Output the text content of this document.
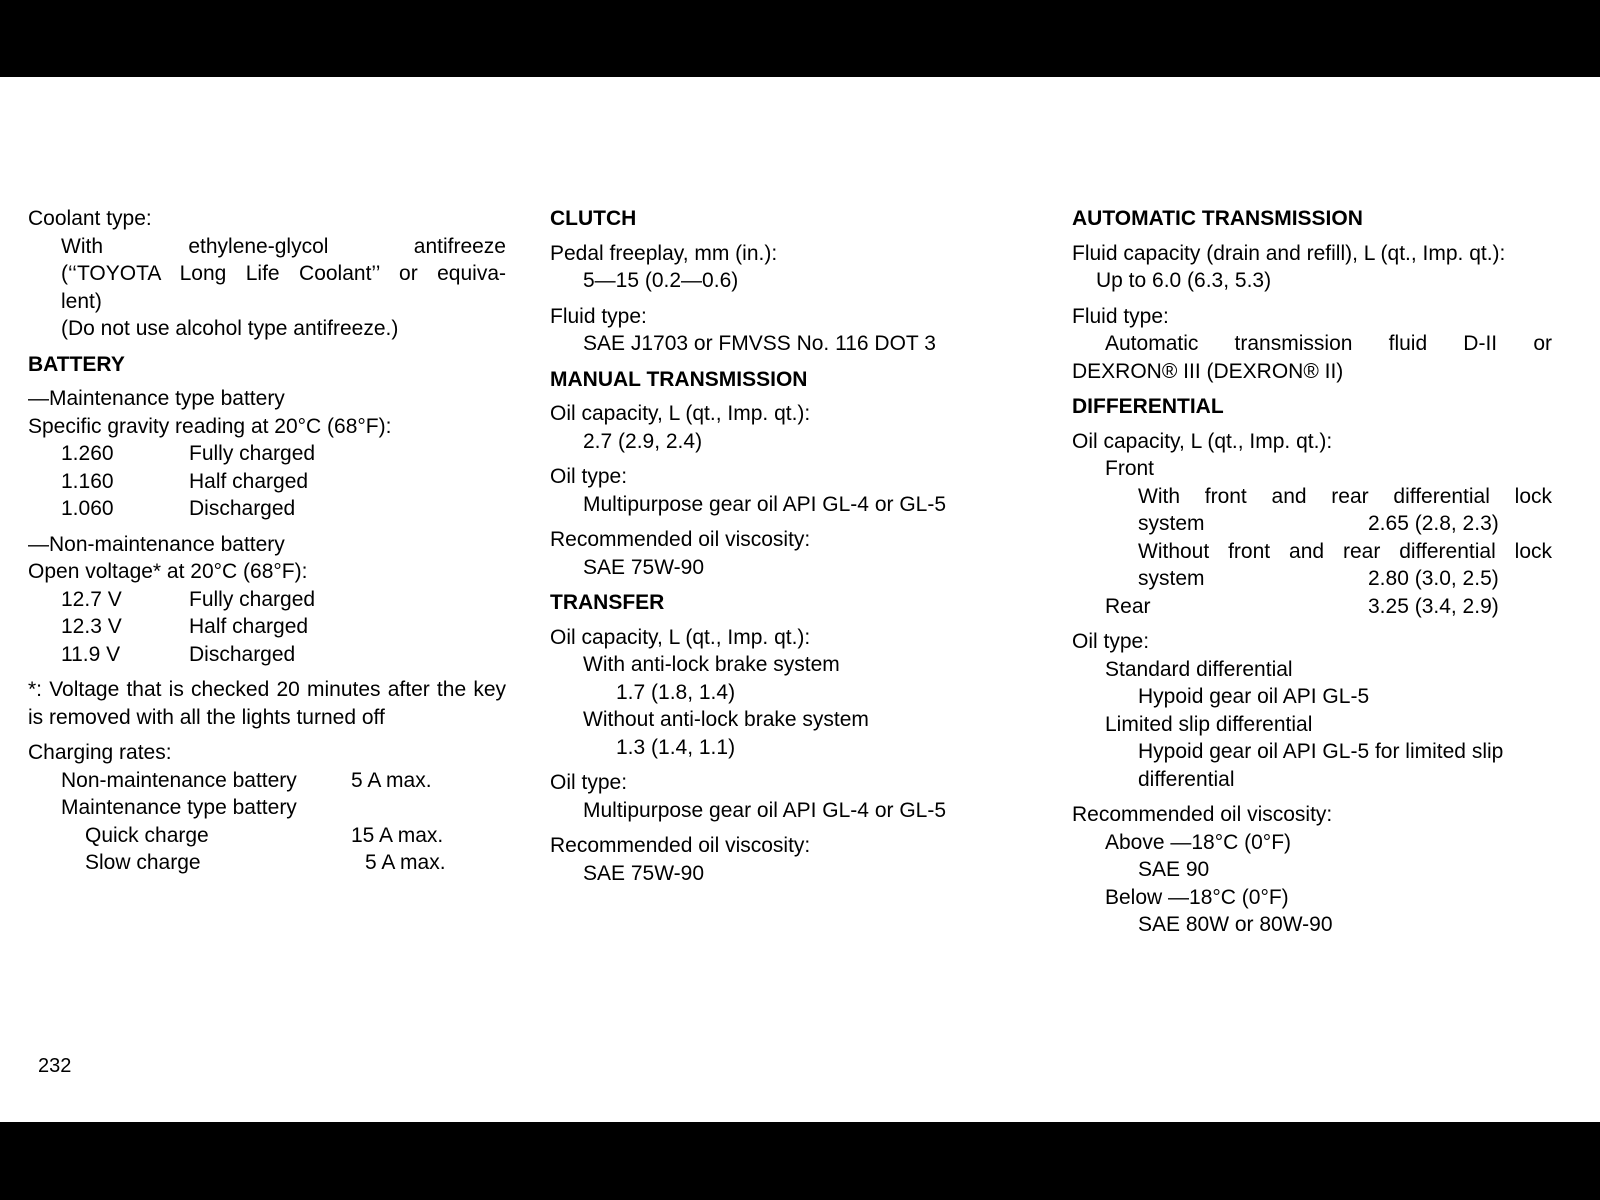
Coolant type:
With ethylene-glycol antifreeze
(‘‘TOYOTA Long Life Coolant’’ or equiva-
lent)
(Do not use alcohol type antifreeze.)
BATTERY
—Maintenance type battery
Specific gravity reading at 20°C (68°F):
1.260	Fully charged
1.160	Half charged
1.060	Discharged
—Non-maintenance battery
Open voltage* at 20°C (68°F):
12.7 V	Fully charged
12.3 V	Half charged
11.9 V	Discharged
*: Voltage that is checked 20 minutes after the key is removed with all the lights turned off
Charging rates:
Non-maintenance battery	5 A max.
Maintenance type battery
Quick charge	15 A max.
Slow charge	5 A max.
CLUTCH
Pedal freeplay, mm (in.):
5—15 (0.2—0.6)
Fluid type:
SAE J1703 or FMVSS No. 116 DOT 3
MANUAL TRANSMISSION
Oil capacity, L (qt., Imp. qt.):
2.7 (2.9, 2.4)
Oil type:
Multipurpose gear oil API GL-4 or GL-5
Recommended oil viscosity:
SAE 75W-90
TRANSFER
Oil capacity, L (qt., Imp. qt.):
With anti-lock brake system
1.7 (1.8, 1.4)
Without anti-lock brake system
1.3 (1.4, 1.1)
Oil type:
Multipurpose gear oil API GL-4 or GL-5
Recommended oil viscosity:
SAE 75W-90
AUTOMATIC TRANSMISSION
Fluid capacity (drain and refill), L (qt., Imp. qt.):
Up to 6.0 (6.3, 5.3)
Fluid type:
Automatic transmission fluid D-II or
DEXRON® III (DEXRON® II)
DIFFERENTIAL
Oil capacity, L (qt., Imp. qt.):
Front
With front and rear differential lock
system	2.65 (2.8, 2.3)
Without front and rear differential lock
system	2.80 (3.0, 2.5)
Rear	3.25 (3.4, 2.9)
Oil type:
Standard differential
Hypoid gear oil API GL-5
Limited slip differential
Hypoid gear oil API GL-5 for limited slip differential
Recommended oil viscosity:
Above —18°C (0°F)
SAE 90
Below —18°C (0°F)
SAE 80W or 80W-90
232
